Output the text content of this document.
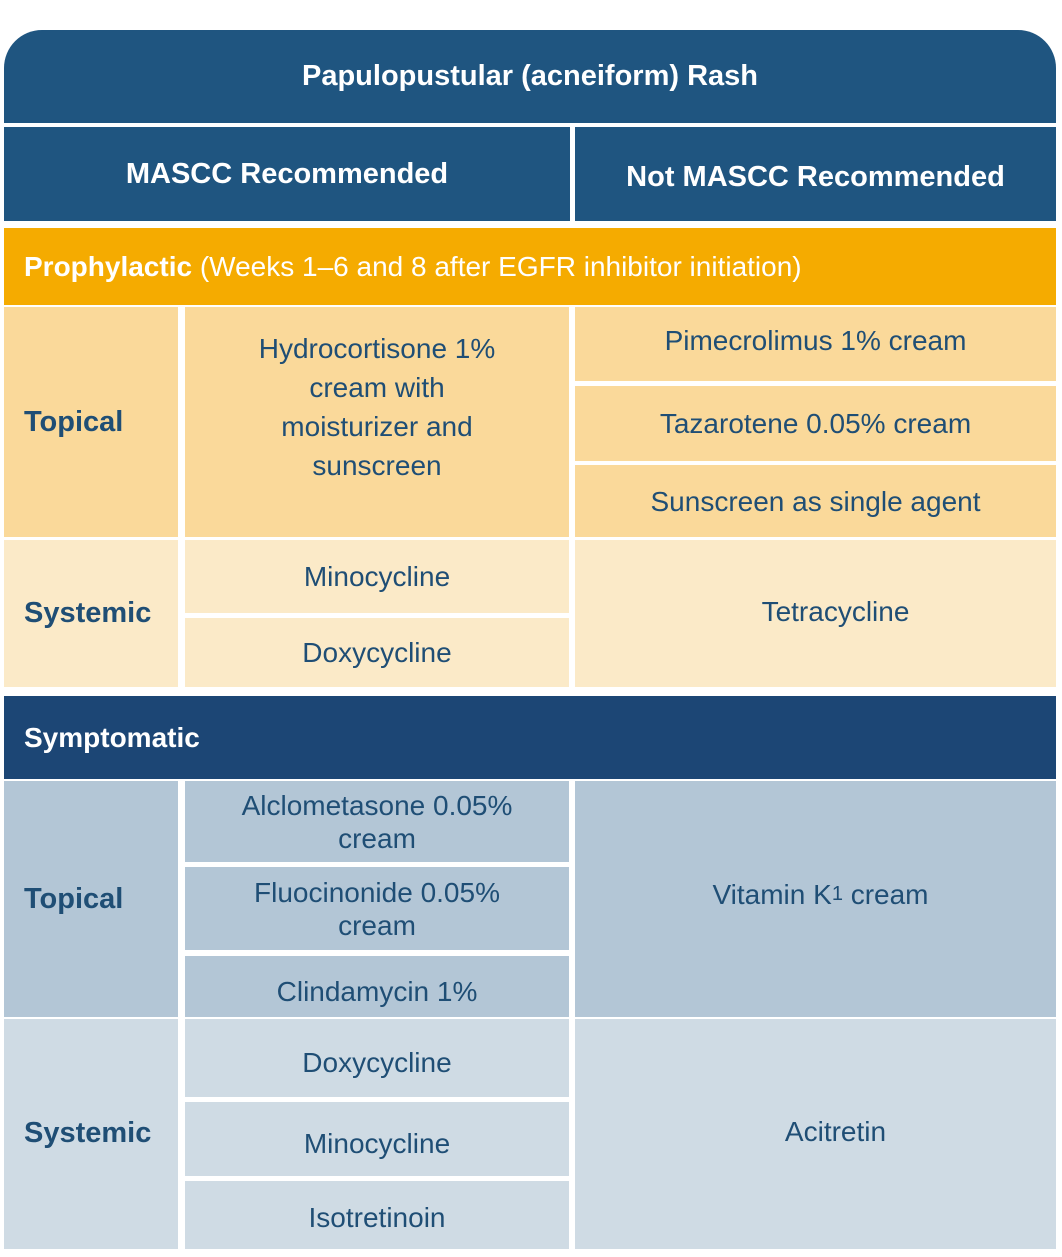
Papulopustular (acneiform) Rash
MASCC Recommended	Not MASCC Recommended
Prophylactic
(Weeks 1–6 and 8 after EGFR inhibitor initiation)
Topical
Hydrocortisone 1% cream with moisturizer and sunscreen
Pimecrolimus 1% cream
Tazarotene 0.05% cream
Sunscreen as single agent
Systemic
Minocycline
Doxycycline
Tetracycline
Symptomatic
Topical
Alclometasone 0.05% cream
Fluocinonide 0.05% cream
Clindamycin 1%
Vitamin K 1 cream
Systemic
Doxycycline
Minocycline
Isotretinoin
Acitretin
